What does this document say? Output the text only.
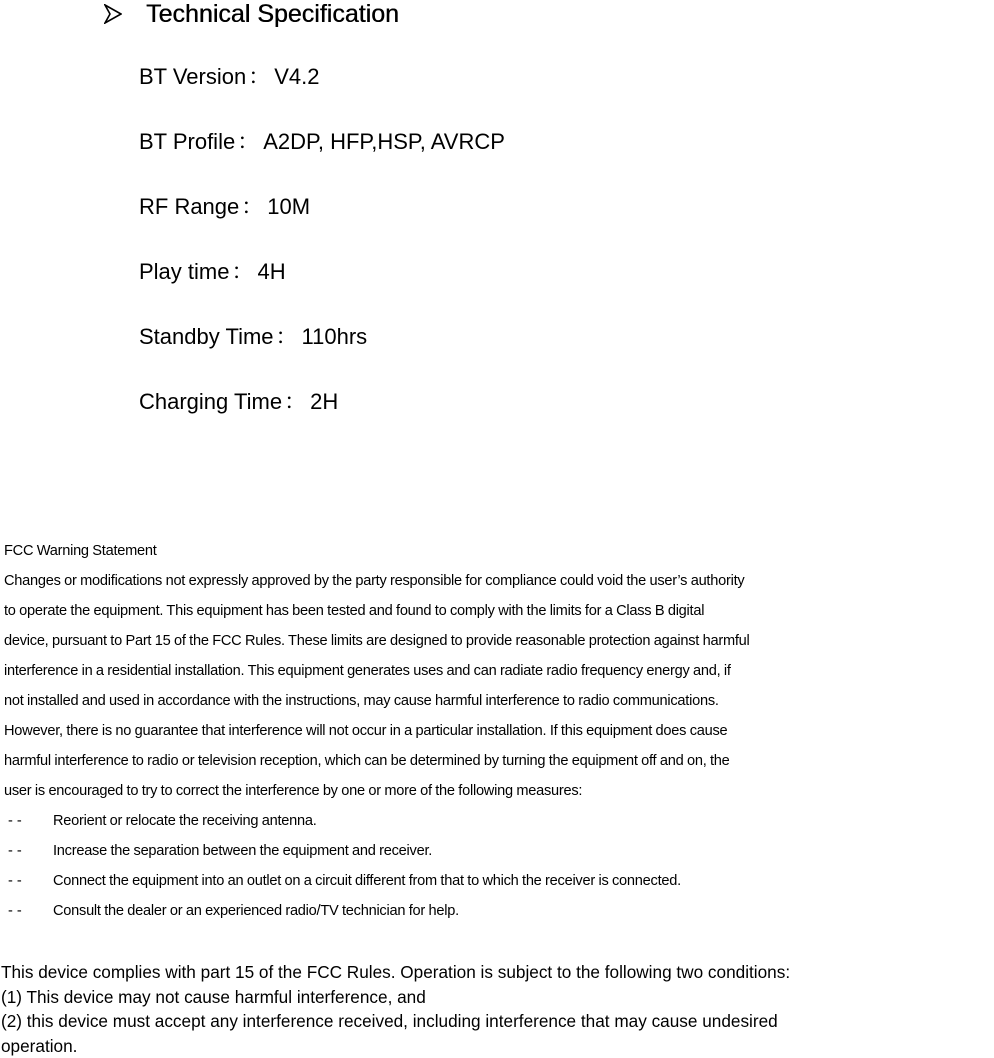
Technical Specification
BT Version： V4.2
BT Profile： A2DP, HFP,HSP, AVRCP
RF Range： 10M
Play time： 4H
Standby Time： 110hrs
Charging Time： 2H
FCC Warning Statement
Changes or modifications not expressly approved by the party responsible for compliance could void the user’s authority
to operate the equipment. This equipment has been tested and found to comply with the limits for a Class B digital
device, pursuant to Part 15 of the FCC Rules. These limits are designed to provide reasonable protection against harmful
interference in a residential installation. This equipment generates uses and can radiate radio frequency energy and, if
not installed and used in accordance with the instructions, may cause harmful interference to radio communications.
However, there is no guarantee that interference will not occur in a particular installation. If this equipment does cause
harmful interference to radio or television reception, which can be determined by turning the equipment off and on, the
user is encouraged to try to correct the interference by one or more of the following measures:
--	Reorient or relocate the receiving antenna.
--	Increase the separation between the equipment and receiver.
--	Connect the equipment into an outlet on a circuit different from that to which the receiver is connected.
--	Consult the dealer or an experienced radio/TV technician for help.
This device complies with part 15 of the FCC Rules. Operation is subject to the following two conditions:
(1) This device may not cause harmful interference, and
(2) this device must accept any interference received, including interference that may cause undesired
operation.
